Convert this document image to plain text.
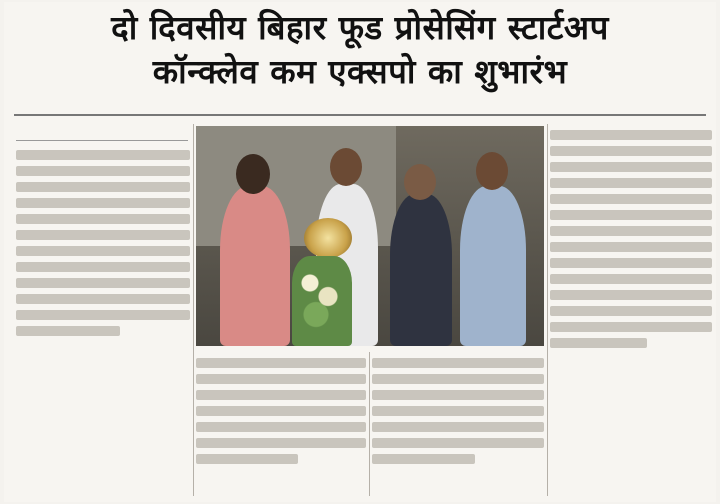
दो दिवसीय बिहार फूड प्रोसेसिंग स्टार्टअप
कॉन्क्लेव कम एक्सपो का शुभारंभ
